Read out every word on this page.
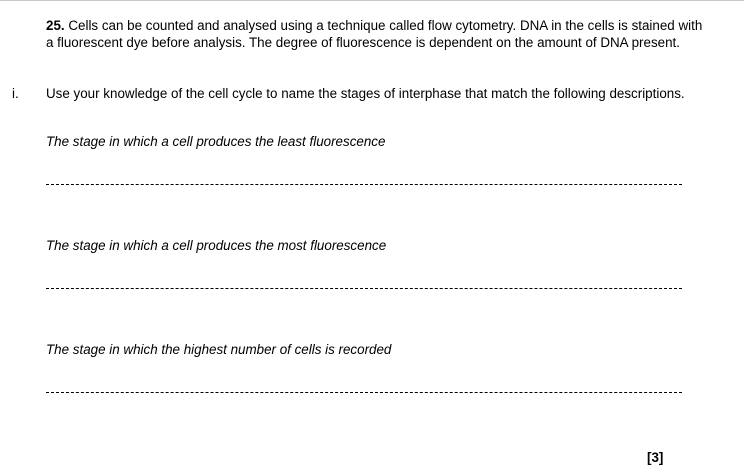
25. Cells can be counted and analysed using a technique called flow cytometry. DNA in the cells is stained with a fluorescent dye before analysis. The degree of fluorescence is dependent on the amount of DNA present.
i. Use your knowledge of the cell cycle to name the stages of interphase that match the following descriptions.
The stage in which a cell produces the least fluorescence
The stage in which a cell produces the most fluorescence
The stage in which the highest number of cells is recorded
[3]
